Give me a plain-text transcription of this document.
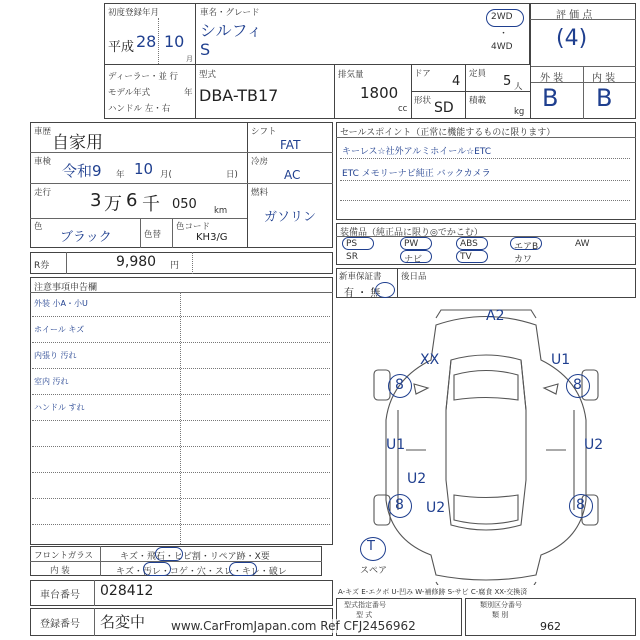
初度登録年月
平成 28 10
月
車名・グレード
シルフィ
S
2WD
・
4WD
評 価 点
(4)
外 装	内 装
B B
ディーラー・並 行
モデル年式	年
ハンドル 左・右
型式
DBA-TB17
排気量
1800
cc
ドア 4
形状 SD
定員 5 人
積載
kg
車歴
自家用
車検 令和9 年 10 月(	日)
走行 3 万 6 千 050 km
色
ブラック	色替
色コード
KH3/G
シフト
FAT
冷房
AC
燃料
ガソリン
セールスポイント（正常に機能するものに限ります）
キーレス☆社外アルミホイール☆ETC
ETC メモリーナビ純正 バックカメラ
装備品（純正品に限り◎でかこむ）
PS	PW	ABS	エアB	AW
SR	ナビ	TV	カワ
新車保証書
有 ・ 無
後日品
R券	9,980 円
注意事項申告欄
外装 小A・小U
ホイール キズ
内張り 汚れ
室内 汚れ
ハンドル すれ
フロントガラス	キズ・飛石・ヒビ割・リペア跡・X要
内 装	キズ・汚レ・コゲ・穴・スレ・キレ・破レ
車台番号 028412
登録番号 名変中
A2
XX	U1
8	8
U1	U2
U2
U2
8	8
T
スペア
A-キズ E-エクボ U-凹み W-補修跡 S-サビ C-腐食 XX-交換済
型式指定番号
型 式
類別区分番号
類 別
962
www.CarFromJapan.com Ref CFJ2456962
